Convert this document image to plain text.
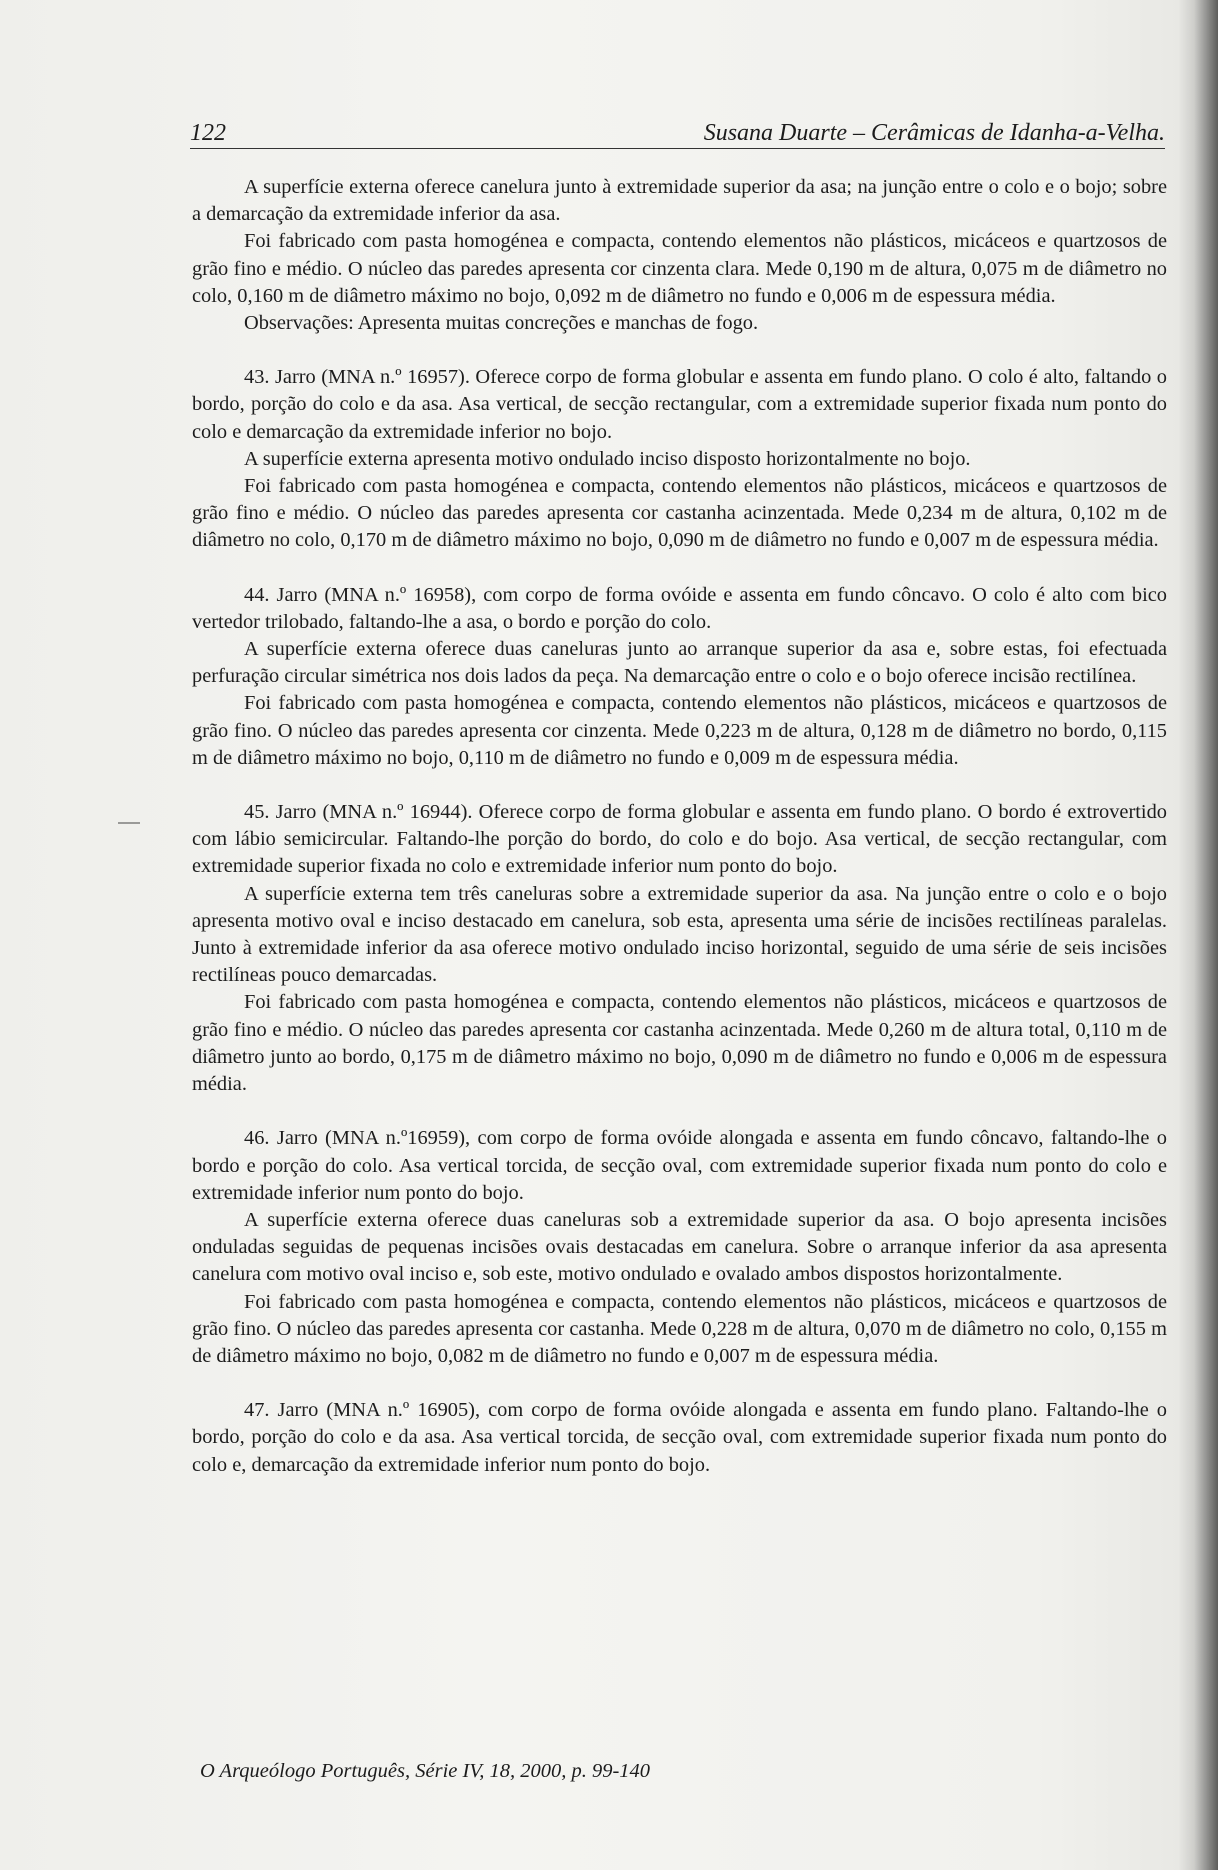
122	Susana Duarte – Cerâmicas de Idanha-a-Velha.

A superfície externa oferece canelura junto à extremidade superior da asa; na junção entre o colo e o bojo; sobre a demarcação da extremidade inferior da asa.

Foi fabricado com pasta homogénea e compacta, contendo elementos não plásticos, micáceos e quartzosos de grão fino e médio. O núcleo das paredes apresenta cor cinzenta clara. Mede 0,190 m de altura, 0,075 m de diâmetro no colo, 0,160 m de diâmetro máximo no bojo, 0,092 m de diâmetro no fundo e 0,006 m de espessura média.

Observações: Apresenta muitas concreções e manchas de fogo.

43. Jarro (MNA n.º 16957). Oferece corpo de forma globular e assenta em fundo plano. O colo é alto, faltando o bordo, porção do colo e da asa. Asa vertical, de secção rectangular, com a extremidade superior fixada num ponto do colo e demarcação da extremidade inferior no bojo.

A superfície externa apresenta motivo ondulado inciso disposto horizontalmente no bojo.

Foi fabricado com pasta homogénea e compacta, contendo elementos não plásticos, micáceos e quartzosos de grão fino e médio. O núcleo das paredes apresenta cor castanha acinzentada. Mede 0,234 m de altura, 0,102 m de diâmetro no colo, 0,170 m de diâmetro máximo no bojo, 0,090 m de diâmetro no fundo e 0,007 m de espessura média.

44. Jarro (MNA n.º 16958), com corpo de forma ovóide e assenta em fundo côncavo. O colo é alto com bico vertedor trilobado, faltando-lhe a asa, o bordo e porção do colo.

A superfície externa oferece duas caneluras junto ao arranque superior da asa e, sobre estas, foi efectuada perfuração circular simétrica nos dois lados da peça. Na demarcação entre o colo e o bojo oferece incisão rectilínea.

Foi fabricado com pasta homogénea e compacta, contendo elementos não plásticos, micáceos e quartzosos de grão fino. O núcleo das paredes apresenta cor cinzenta. Mede 0,223 m de altura, 0,128 m de diâmetro no bordo, 0,115 m de diâmetro máximo no bojo, 0,110 m de diâmetro no fundo e 0,009 m de espessura média.

45. Jarro (MNA n.º 16944). Oferece corpo de forma globular e assenta em fundo plano. O bordo é extrovertido com lábio semicircular. Faltando-lhe porção do bordo, do colo e do bojo. Asa vertical, de secção rectangular, com extremidade superior fixada no colo e extremidade inferior num ponto do bojo.

A superfície externa tem três caneluras sobre a extremidade superior da asa. Na junção entre o colo e o bojo apresenta motivo oval e inciso destacado em canelura, sob esta, apresenta uma série de incisões rectilíneas paralelas. Junto à extremidade inferior da asa oferece motivo ondulado inciso horizontal, seguido de uma série de seis incisões rectilíneas pouco demarcadas.

Foi fabricado com pasta homogénea e compacta, contendo elementos não plásticos, micáceos e quartzosos de grão fino e médio. O núcleo das paredes apresenta cor castanha acinzentada. Mede 0,260 m de altura total, 0,110 m de diâmetro junto ao bordo, 0,175 m de diâmetro máximo no bojo, 0,090 m de diâmetro no fundo e 0,006 m de espessura média.

46. Jarro (MNA n.º16959), com corpo de forma ovóide alongada e assenta em fundo côncavo, faltando-lhe o bordo e porção do colo. Asa vertical torcida, de secção oval, com extremidade superior fixada num ponto do colo e extremidade inferior num ponto do bojo.

A superfície externa oferece duas caneluras sob a extremidade superior da asa. O bojo apresenta incisões onduladas seguidas de pequenas incisões ovais destacadas em canelura. Sobre o arranque inferior da asa apresenta canelura com motivo oval inciso e, sob este, motivo ondulado e ovalado ambos dispostos horizontalmente.

Foi fabricado com pasta homogénea e compacta, contendo elementos não plásticos, micáceos e quartzosos de grão fino. O núcleo das paredes apresenta cor castanha. Mede 0,228 m de altura, 0,070 m de diâmetro no colo, 0,155 m de diâmetro máximo no bojo, 0,082 m de diâmetro no fundo e 0,007 m de espessura média.

47. Jarro (MNA n.º 16905), com corpo de forma ovóide alongada e assenta em fundo plano. Faltando-lhe o bordo, porção do colo e da asa. Asa vertical torcida, de secção oval, com extremidade superior fixada num ponto do colo e, demarcação da extremidade inferior num ponto do bojo.

O Arqueólogo Português, Série IV, 18, 2000, p. 99-140
